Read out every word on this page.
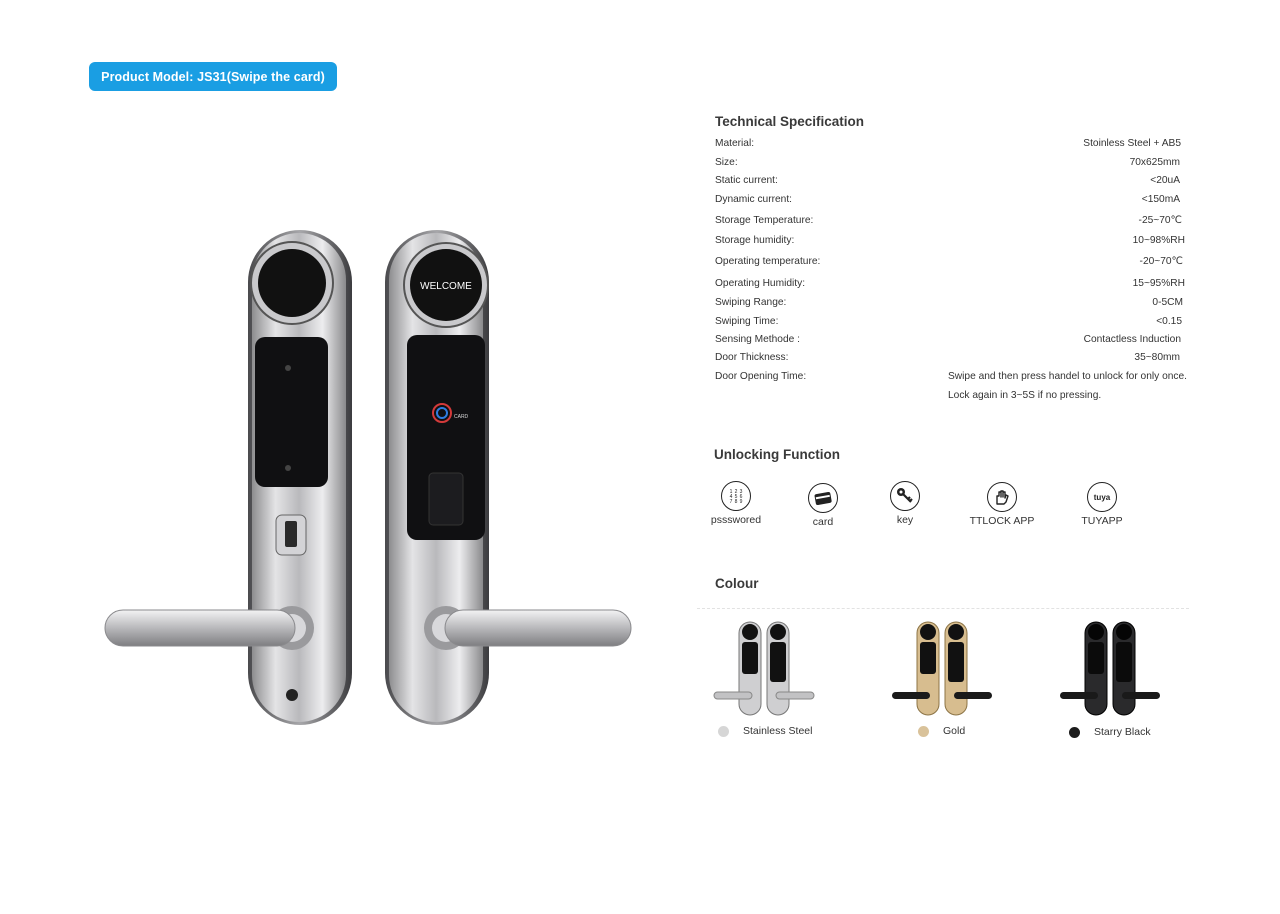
Product Model: JS31(Swipe the card)
WELCOME
CARD
Technical Specification
Material:	Stoinless Steel + AB5
Size:	70x625mm
Static current:	<20uA
Dynamic current:	<150mA
Storage Temperature:	-25~70℃
Storage humidity:	10~98%RH
Operating temperature:	-20~70℃
Operating Humidity:	15~95%RH
Swiping Range:	0-5CM
Swiping Time:	<0.15
Sensing Methode :	Contactless Induction
Door Thickness:	35~80mm
Door Opening Time:	Swipe and then press handel to unlock for only once.
Lock again in 3~5S if no pressing.
Unlocking Function
1 2 3
4 5 6
7 8 9
pssswored	card	key	TTLOCK APP
tuya
TUYAPP
Colour
Stainless Steel	Gold	Starry Black
